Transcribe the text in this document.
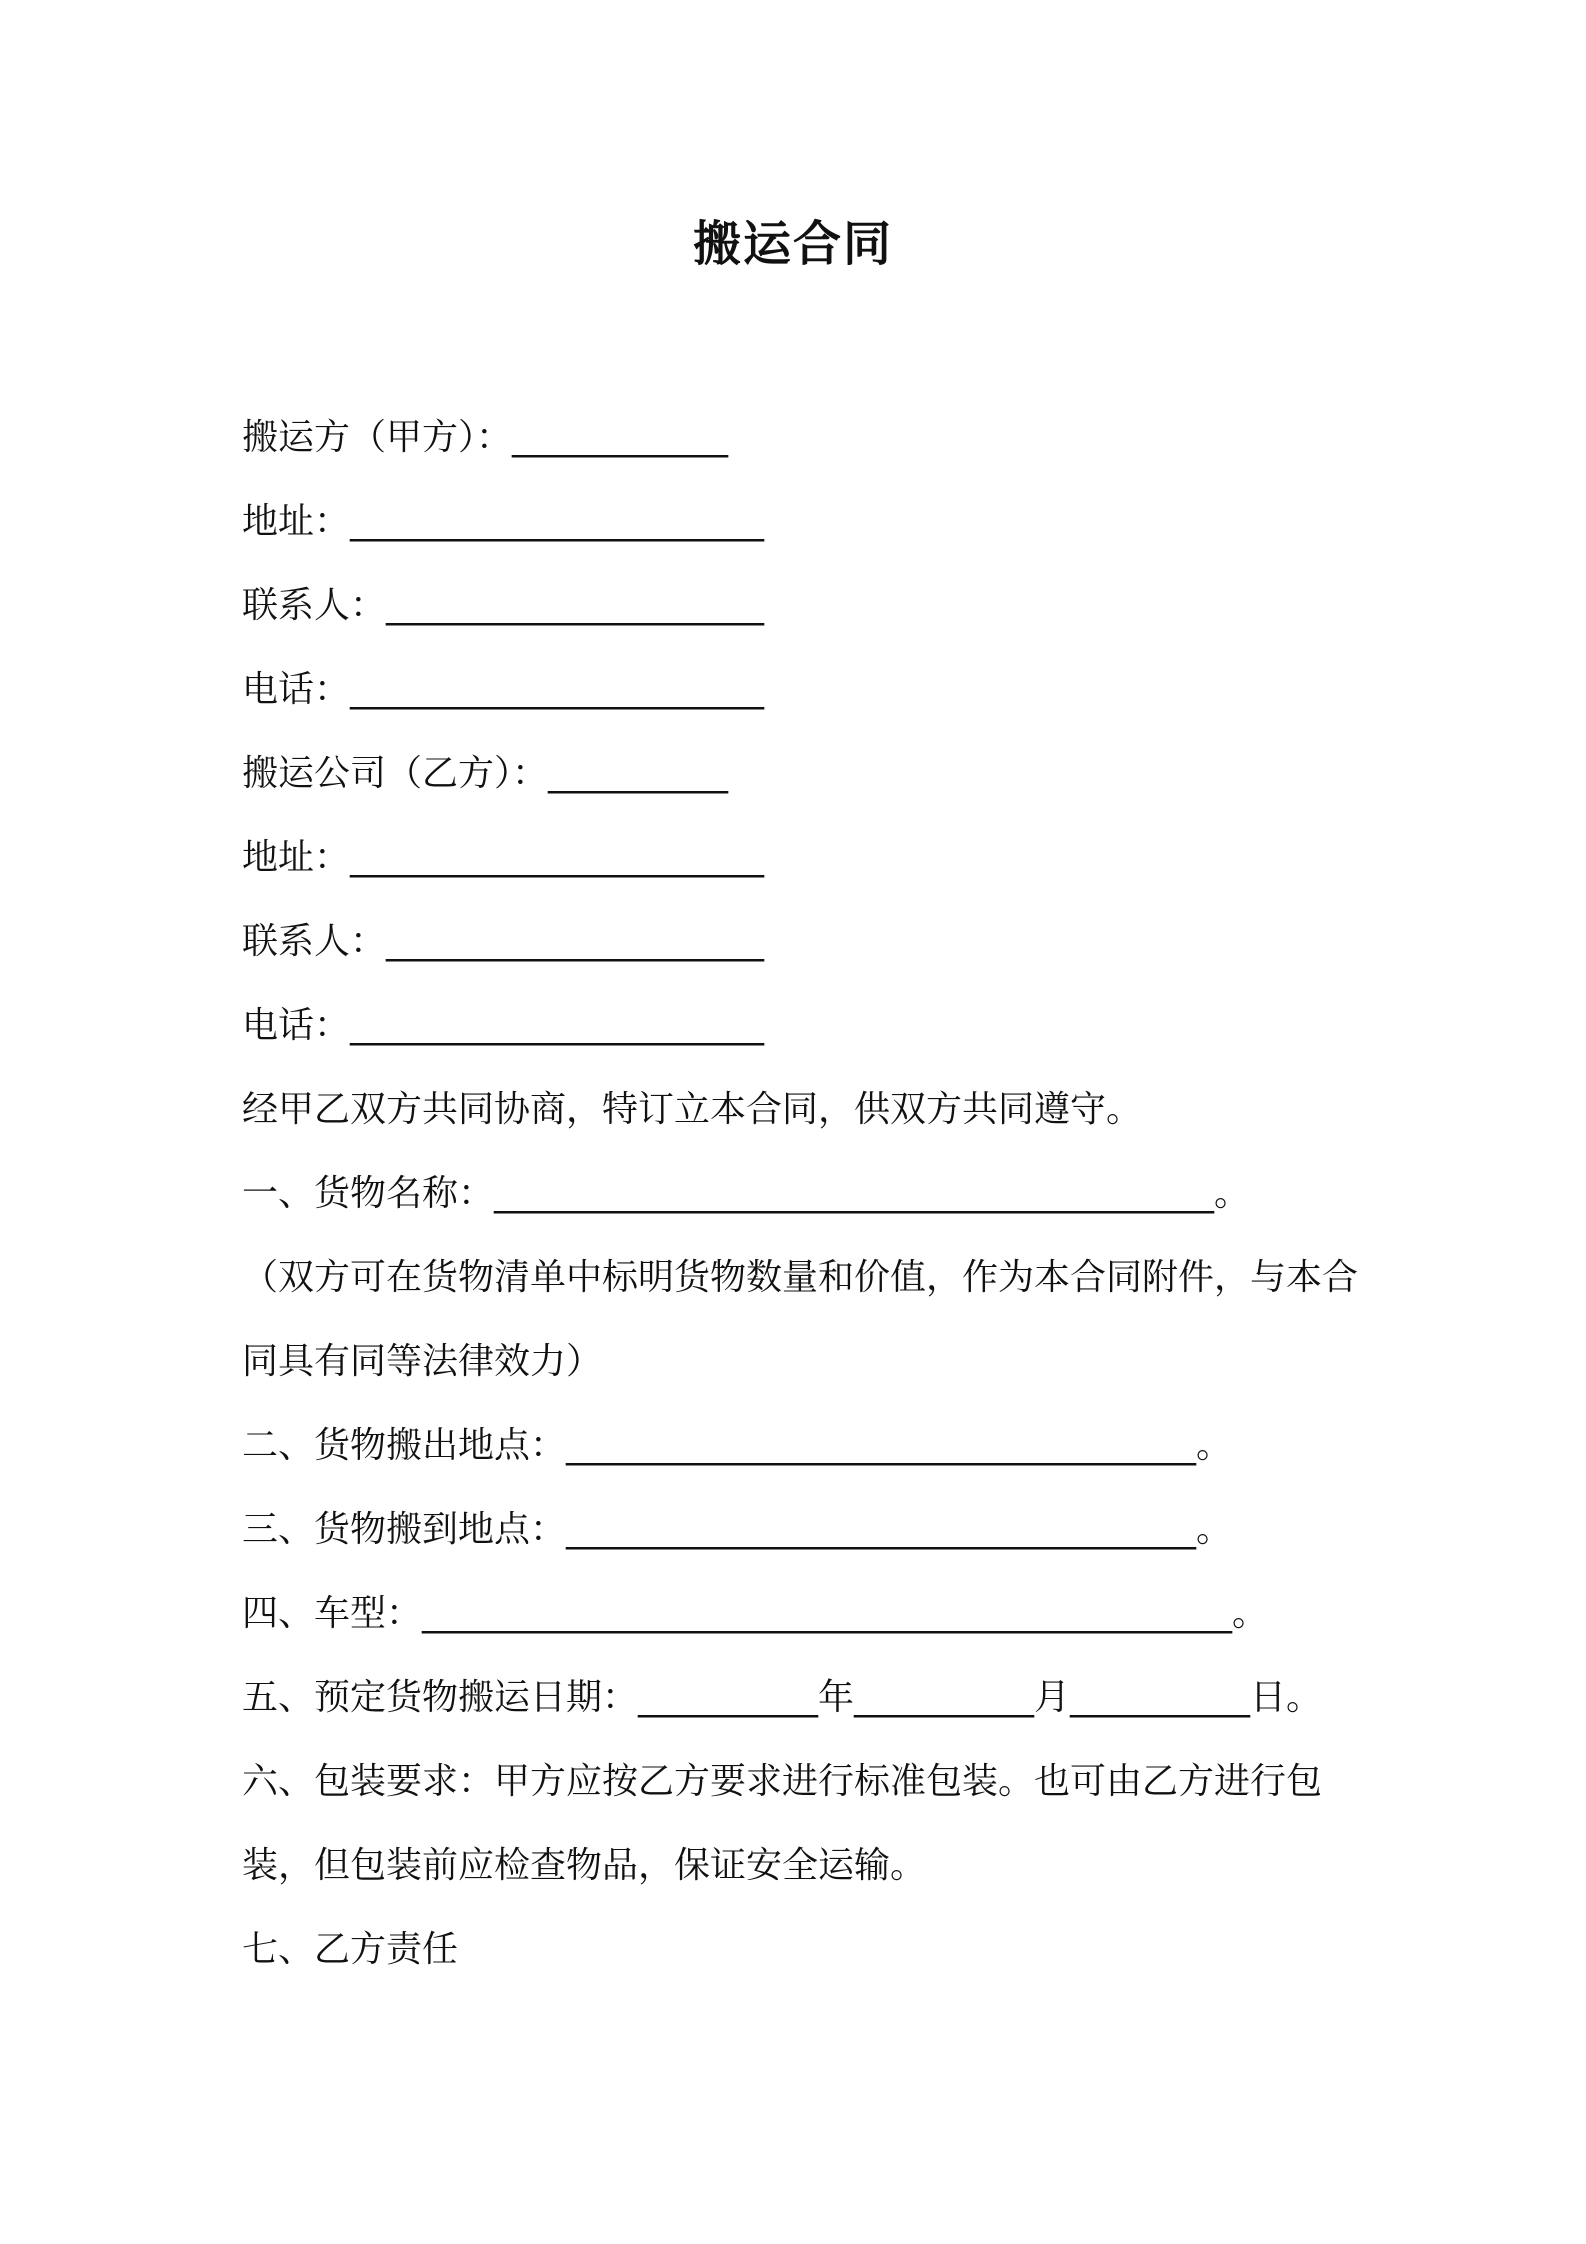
搬运合同
搬运方（甲方）：____________
地址：_______________________
联系人：_____________________
电话：_______________________
搬运公司（乙方）：__________
地址：_______________________
联系人：_____________________
电话：_______________________
经甲乙双方共同协商，特订立本合同，供双方共同遵守。
一、货物名称：________________________________________。
（双方可在货物清单中标明货物数量和价值，作为本合同附件，与本合同具有同等法律效力）
二、货物搬出地点：___________________________________。
三、货物搬到地点：___________________________________。
四、车型：_____________________________________________。
五、预定货物搬运日期：__________年__________月__________日。
六、包装要求：甲方应按乙方要求进行标准包装。也可由乙方进行包装，但包装前应检查物品，保证安全运输。
七、乙方责任
